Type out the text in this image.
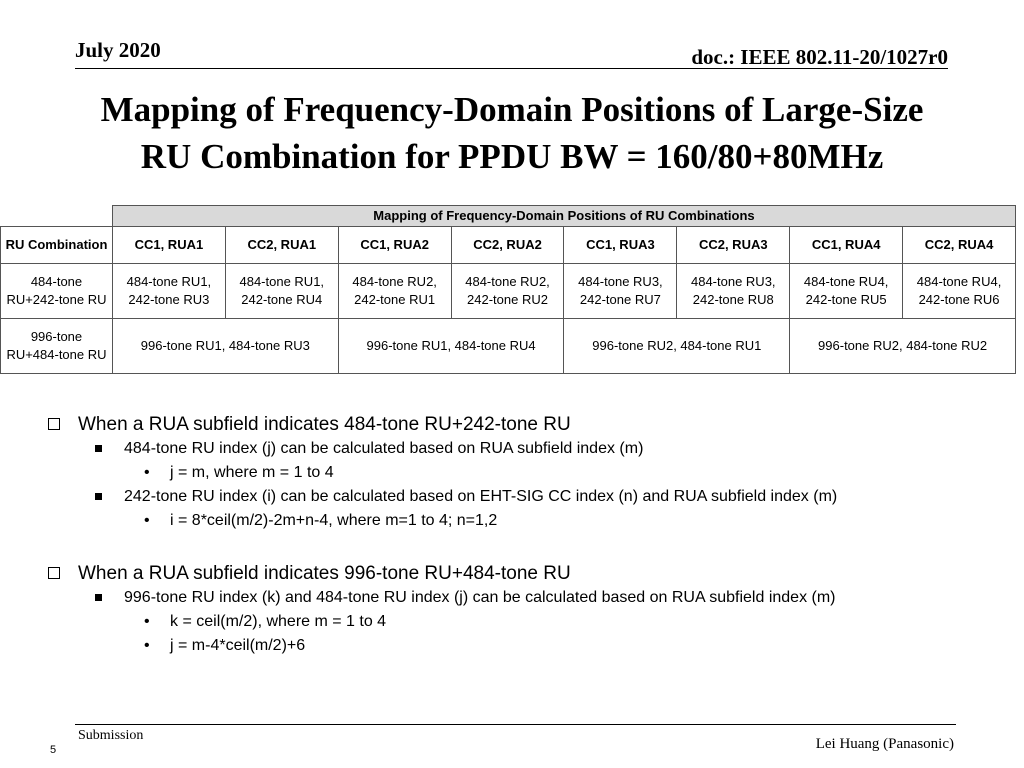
July 2020	doc.: IEEE 802.11-20/1027r0
Mapping of Frequency-Domain Positions of Large-Size
RU Combination for PPDU BW = 160/80+80MHz
	Mapping of Frequency-Domain Positions of RU Combinations							
RU Combination	CC1, RUA1	CC2, RUA1	CC1, RUA2	CC2, RUA2	CC1, RUA3	CC2, RUA3	CC1, RUA4	CC2, RUA4
484-tone RU+242-tone RU	484-tone RU1, 242-tone RU3	484-tone RU1, 242-tone RU4	484-tone RU2, 242-tone RU1	484-tone RU2, 242-tone RU2	484-tone RU3, 242-tone RU7	484-tone RU3, 242-tone RU8	484-tone RU4, 242-tone RU5	484-tone RU4, 242-tone RU6
996-tone RU+484-tone RU	996-tone RU1, 484-tone RU3		996-tone RU1, 484-tone RU4		996-tone RU2, 484-tone RU1		996-tone RU2, 484-tone RU2	
When a RUA subfield indicates 484-tone RU+242-tone RU
484-tone RU index (j) can be calculated based on RUA subfield index (m)
• j = m, where m = 1 to 4
242-tone RU index (i) can be calculated based on EHT-SIG CC index (n) and RUA subfield index (m)
• i = 8*ceil(m/2)-2m+n-4, where m=1 to 4; n=1,2
When a RUA subfield indicates 996-tone RU+484-tone RU
996-tone RU index (k) and 484-tone RU index (j) can be calculated based on RUA subfield index (m)
• k = ceil(m/2), where m = 1 to 4
• j = m-4*ceil(m/2)+6
Submission
5	Lei Huang (Panasonic)
